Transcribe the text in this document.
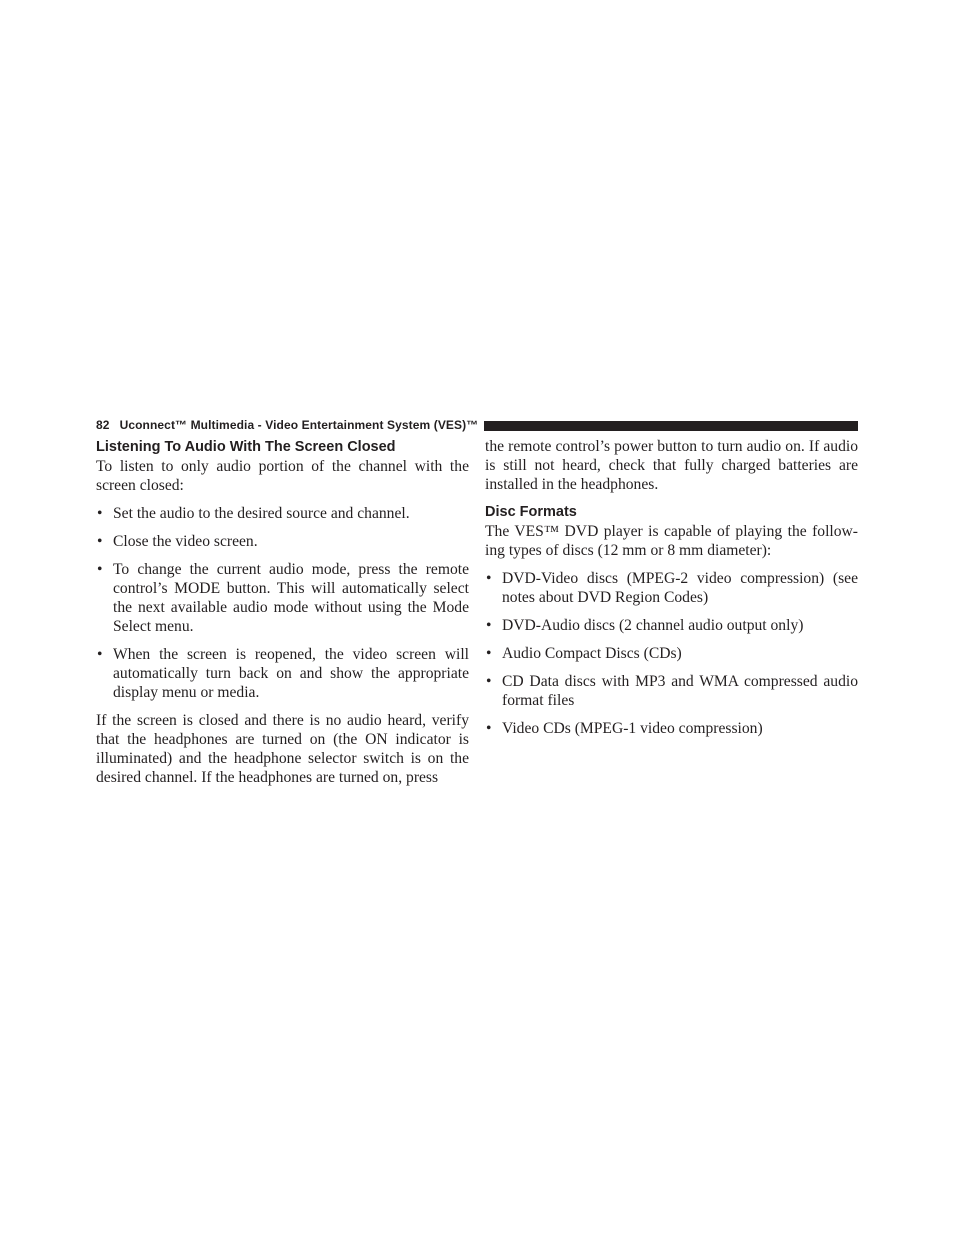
82 Uconnect™ Multimedia - Video Entertainment System (VES)™
Listening To Audio With The Screen Closed

To listen to only audio portion of the channel with the screen closed:

• Set the audio to the desired source and channel.
• Close the video screen.
• To change the current audio mode, press the remote control’s MODE button. This will automatically select the next available audio mode without using the Mode Select menu.
• When the screen is reopened, the video screen will automatically turn back on and show the appropriate display menu or media.

If the screen is closed and there is no audio heard, verify that the headphones are turned on (the ON indicator is illuminated) and the headphone selector switch is on the desired channel. If the headphones are turned on, press

the remote control’s power button to turn audio on. If audio is still not heard, check that fully charged batteries are installed in the headphones.

Disc Formats

The VES™ DVD player is capable of playing the follow-ing types of discs (12 mm or 8 mm diameter):

• DVD-Video discs (MPEG-2 video compression) (see notes about DVD Region Codes)
• DVD-Audio discs (2 channel audio output only)
• Audio Compact Discs (CDs)
• CD Data discs with MP3 and WMA compressed audio format files
• Video CDs (MPEG-1 video compression)
